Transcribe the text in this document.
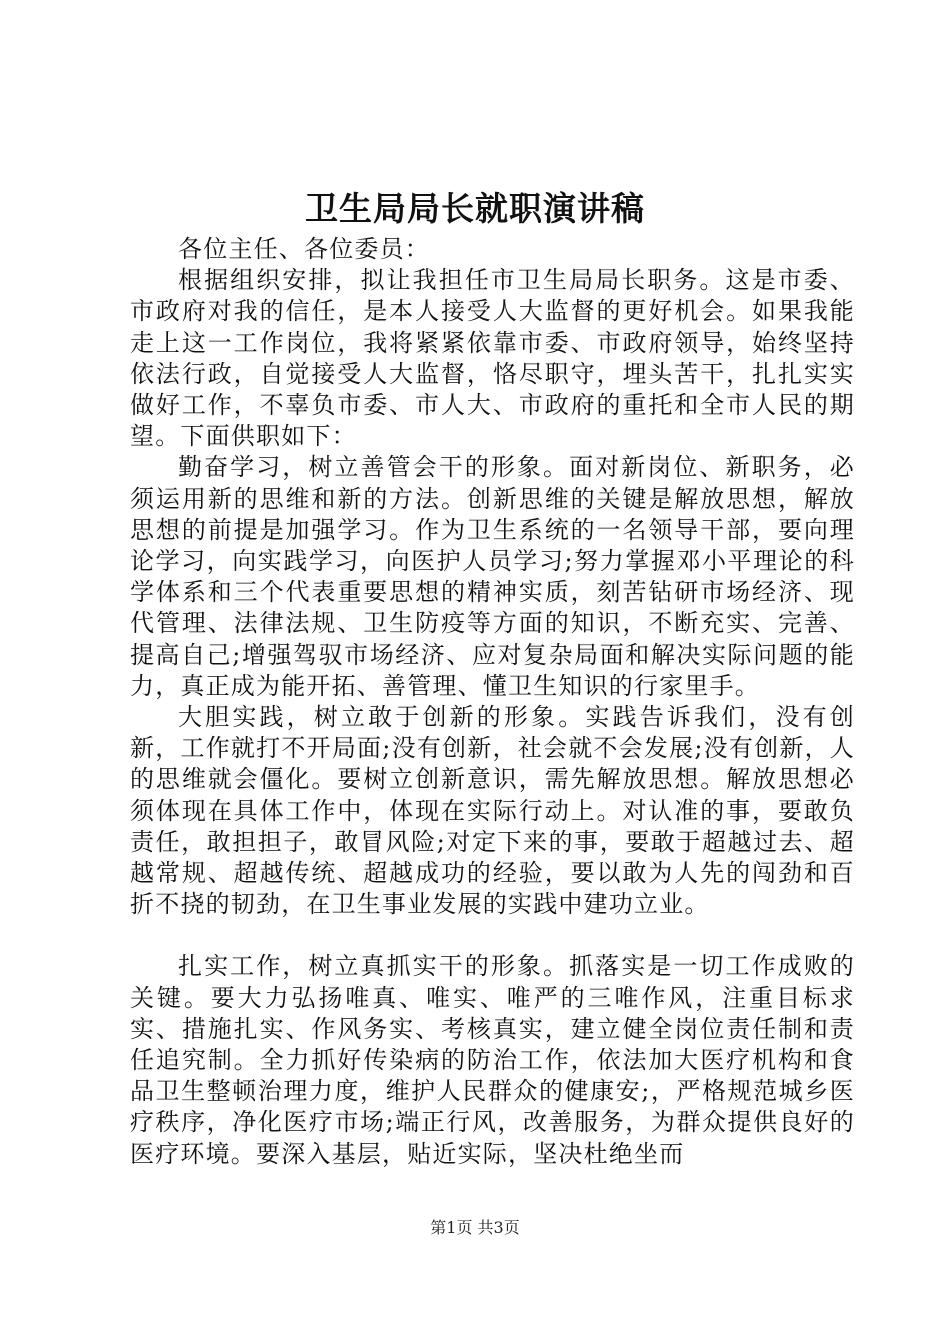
卫生局局长就职演讲稿

各位主任、各位委员：

根据组织安排，拟让我担任市卫生局局长职务。这是市委、市政府对我的信任，是本人接受人大监督的更好机会。如果我能走上这一工作岗位，我将紧紧依靠市委、市政府领导，始终坚持依法行政，自觉接受人大监督，恪尽职守，埋头苦干，扎扎实实做好工作，不辜负市委、市人大、市政府的重托和全市人民的期望。下面供职如下：

勤奋学习，树立善管会干的形象。面对新岗位、新职务，必须运用新的思维和新的方法。创新思维的关键是解放思想，解放思想的前提是加强学习。作为卫生系统的一名领导干部，要向理论学习，向实践学习，向医护人员学习;努力掌握邓小平理论的科学体系和三个代表重要思想的精神实质，刻苦钻研市场经济、现代管理、法律法规、卫生防疫等方面的知识，不断充实、完善、提高自己;增强驾驭市场经济、应对复杂局面和解决实际问题的能力，真正成为能开拓、善管理、懂卫生知识的行家里手。

大胆实践，树立敢于创新的形象。实践告诉我们，没有创新，工作就打不开局面;没有创新，社会就不会发展;没有创新，人的思维就会僵化。要树立创新意识，需先解放思想。解放思想必须体现在具体工作中，体现在实际行动上。对认准的事，要敢负责任，敢担担子，敢冒风险;对定下来的事，要敢于超越过去、超越常规、超越传统、超越成功的经验，要以敢为人先的闯劲和百折不挠的韧劲，在卫生事业发展的实践中建功立业。

扎实工作，树立真抓实干的形象。抓落实是一切工作成败的关键。要大力弘扬唯真、唯实、唯严的三唯作风，注重目标求实、措施扎实、作风务实、考核真实，建立健全岗位责任制和责任追究制。全力抓好传染病的防治工作，依法加大医疗机构和食品卫生整顿治理力度，维护人民群众的健康安;，严格规范城乡医疗秩序，净化医疗市场;端正行风，改善服务，为群众提供良好的医疗环境。要深入基层，贴近实际，坚决杜绝坐而

第1页 共3页
